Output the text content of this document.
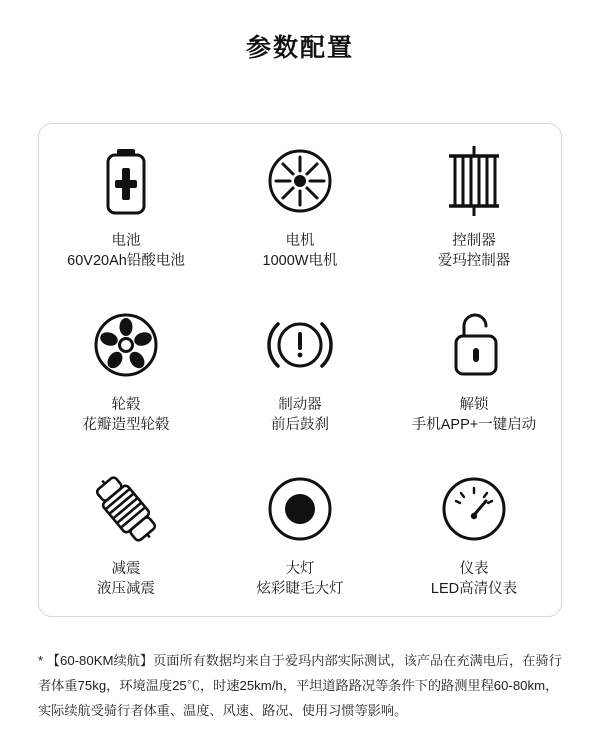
参数配置
电池
60V20Ah铅酸电池
电机
1000W电机
控制器
爱玛控制器
轮毂
花瓣造型轮毂
制动器
前后鼓刹
解锁
手机APP+一键启动
减震
液压减震
大灯
炫彩睫毛大灯
仪表
LED高清仪表
* 【60-80KM续航】页面所有数据均来自于爱玛内部实际测试，该产品在充满电后，在骑行者体重75kg，环境温度25℃，时速25km/h，平坦道路路况等条件下的路测里程60-80km，实际续航受骑行者体重、温度、风速、路况、使用习惯等影响。
